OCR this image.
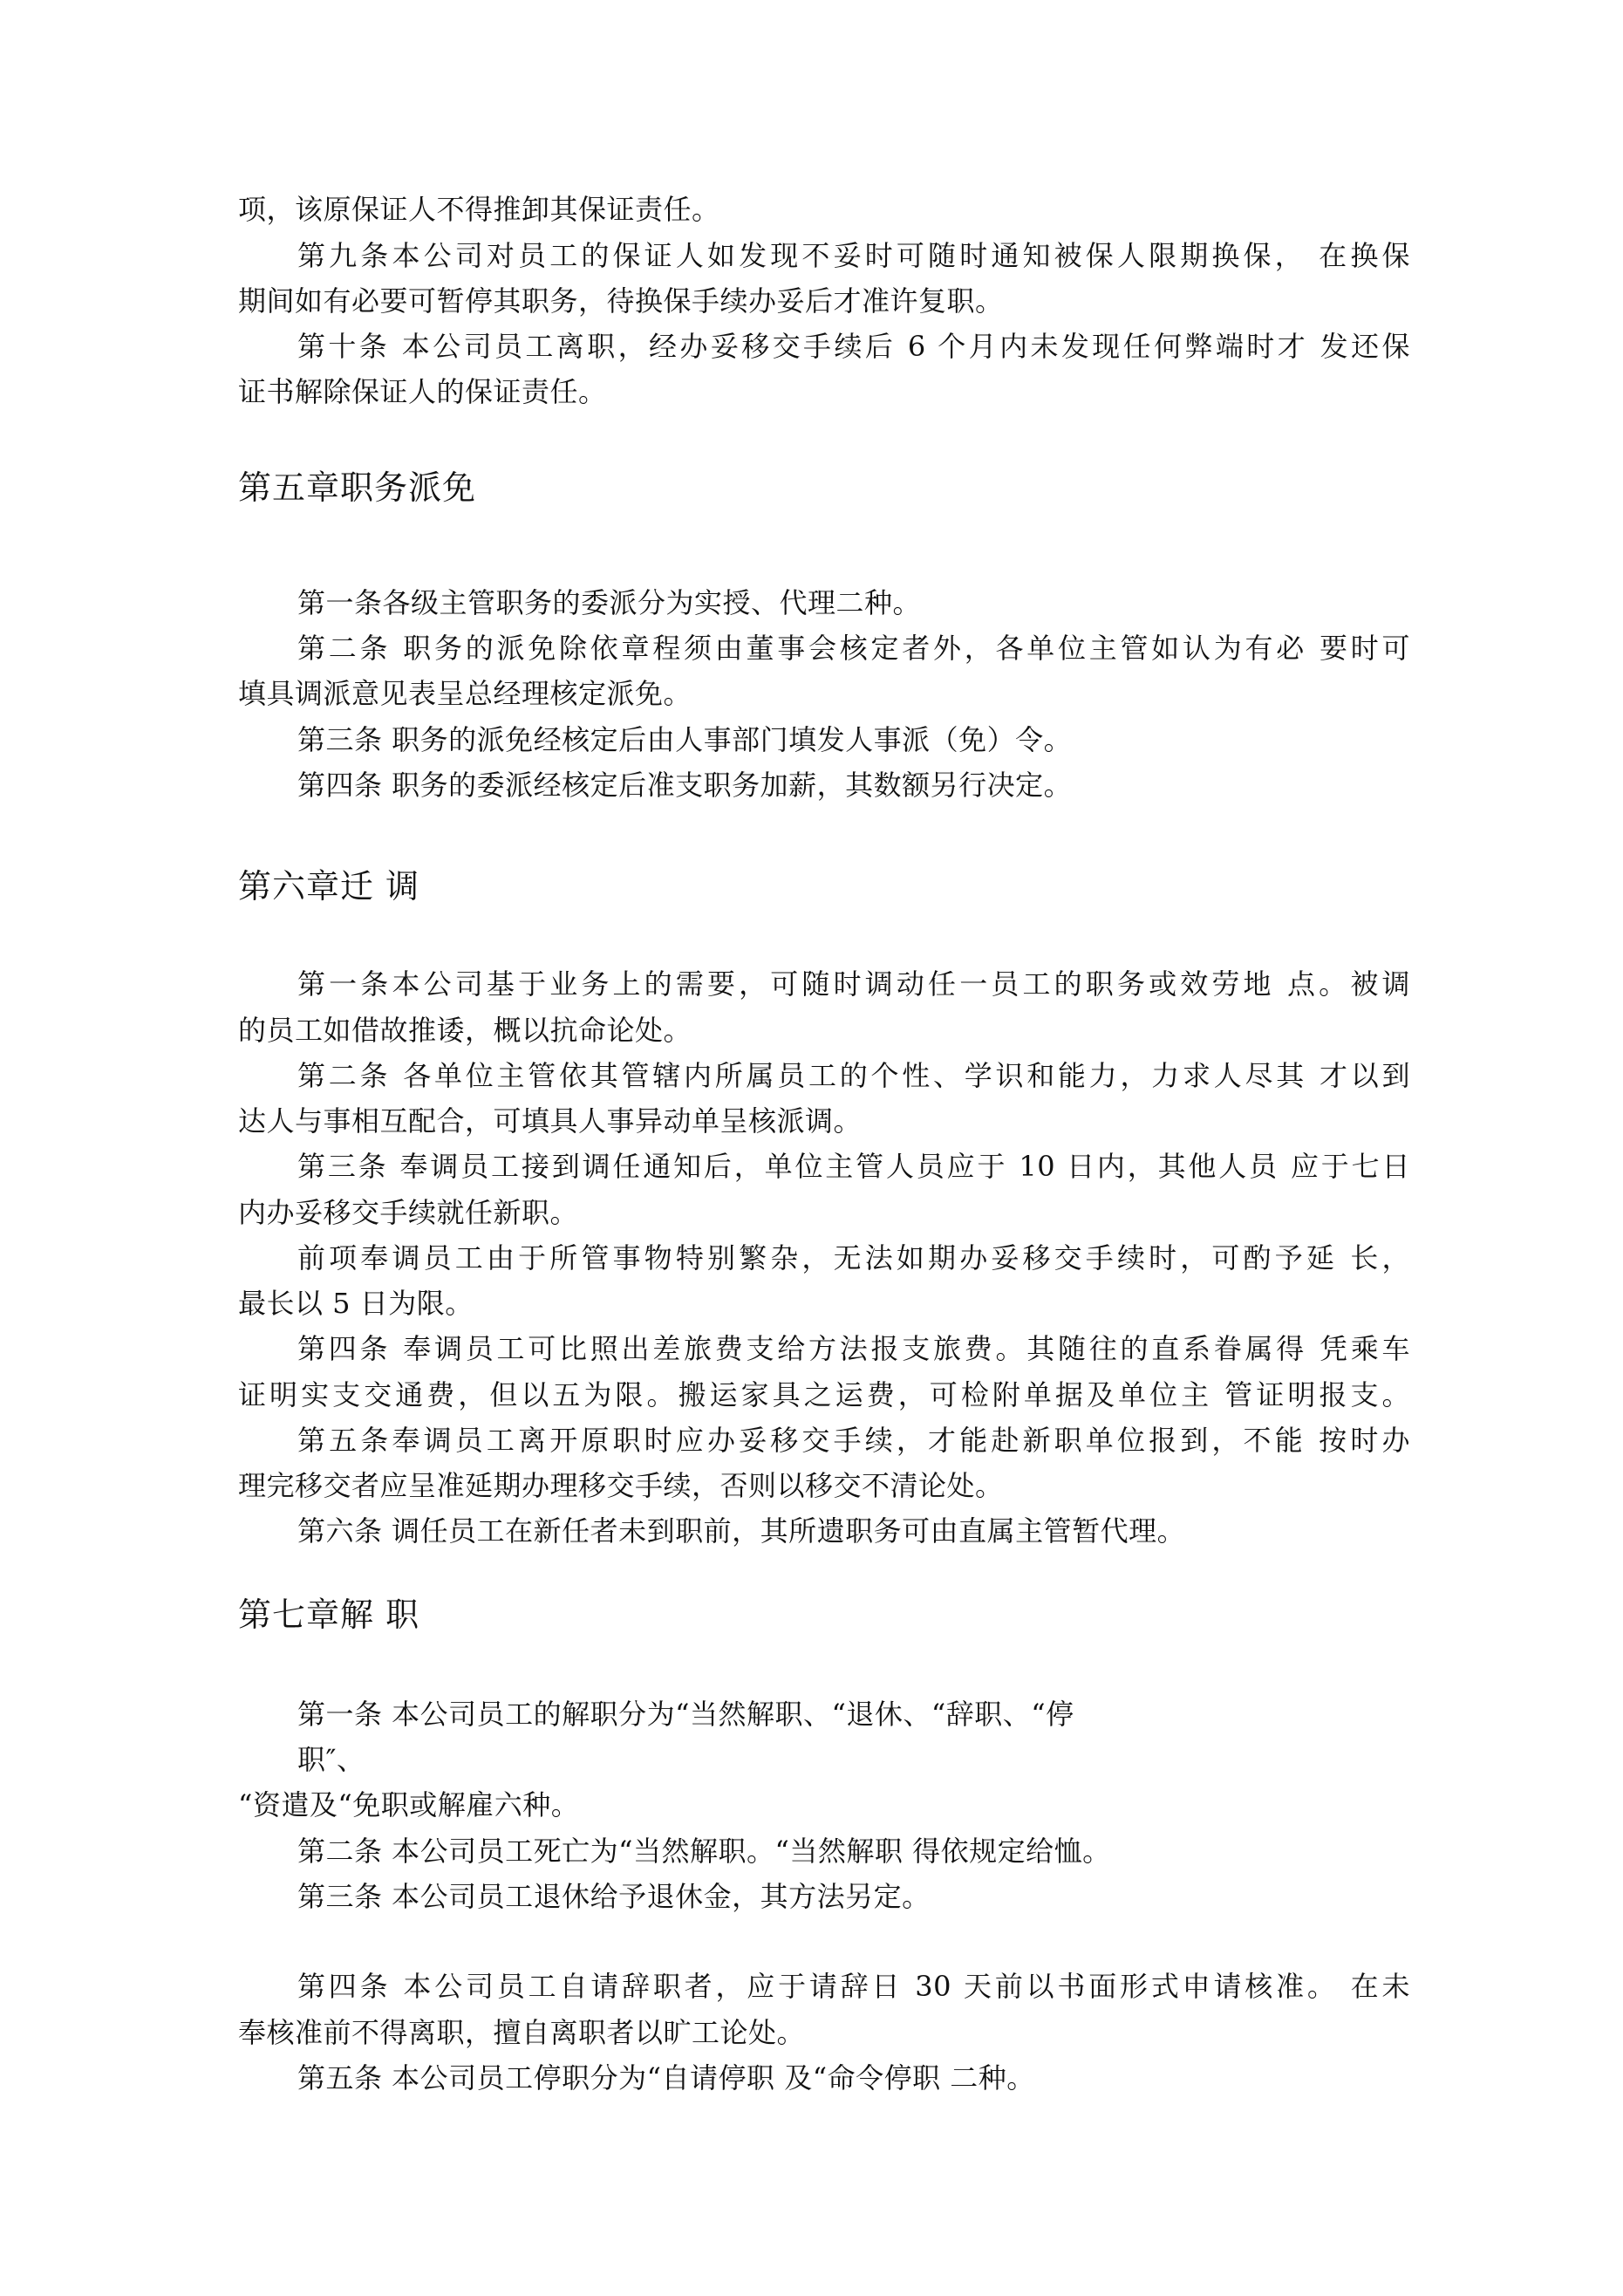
项，该原保证人不得推卸其保证责任。
第九条本公司对员工的保证人如发现不妥时可随时通知被保人限期换保， 在换保
期间如有必要可暂停其职务，待换保手续办妥后才准许复职。
第十条 本公司员工离职，经办妥移交手续后 6 个月内未发现任何弊端时才 发还保
证书解除保证人的保证责任。
第五章职务派免
第一条各级主管职务的委派分为实授、代理二种。
第二条 职务的派免除依章程须由董事会核定者外，各单位主管如认为有必 要时可
填具调派意见表呈总经理核定派免。
第三条 职务的派免经核定后由人事部门填发人事派（免）令。
第四条 职务的委派经核定后准支职务加薪，其数额另行决定。
第六章迁 调
第一条本公司基于业务上的需要，可随时调动任一员工的职务或效劳地 点。被调
的员工如借故推诿，概以抗命论处。
第二条 各单位主管依其管辖内所属员工的个性、学识和能力，力求人尽其 才以到
达人与事相互配合，可填具人事异动单呈核派调。
第三条 奉调员工接到调任通知后，单位主管人员应于 10 日内，其他人员 应于七日
内办妥移交手续就任新职。
前项奉调员工由于所管事物特别繁杂，无法如期办妥移交手续时，可酌予延 长，
最长以 5 日为限。
第四条 奉调员工可比照出差旅费支给方法报支旅费。其随往的直系眷属得 凭乘车
证明实支交通费，但以五为限。搬运家具之运费，可检附单据及单位主 管证明报支。
第五条奉调员工离开原职时应办妥移交手续，才能赴新职单位报到，不能 按时办
理完移交者应呈准延期办理移交手续，否则以移交不清论处。
第六条 调任员工在新任者未到职前，其所遗职务可由直属主管暂代理。
第七章解 职
第一条 本公司员工的解职分为“当然解职、“退休、“辞职、“停
职″、
“资遣及“免职或解雇六种。
第二条 本公司员工死亡为“当然解职。“当然解职 得依规定给恤。
第三条 本公司员工退休给予退休金，其方法另定。
第四条 本公司员工自请辞职者，应于请辞日 30 天前以书面形式申请核准。 在未
奉核准前不得离职，擅自离职者以旷工论处。
第五条 本公司员工停职分为“自请停职 及“命令停职 二种。
